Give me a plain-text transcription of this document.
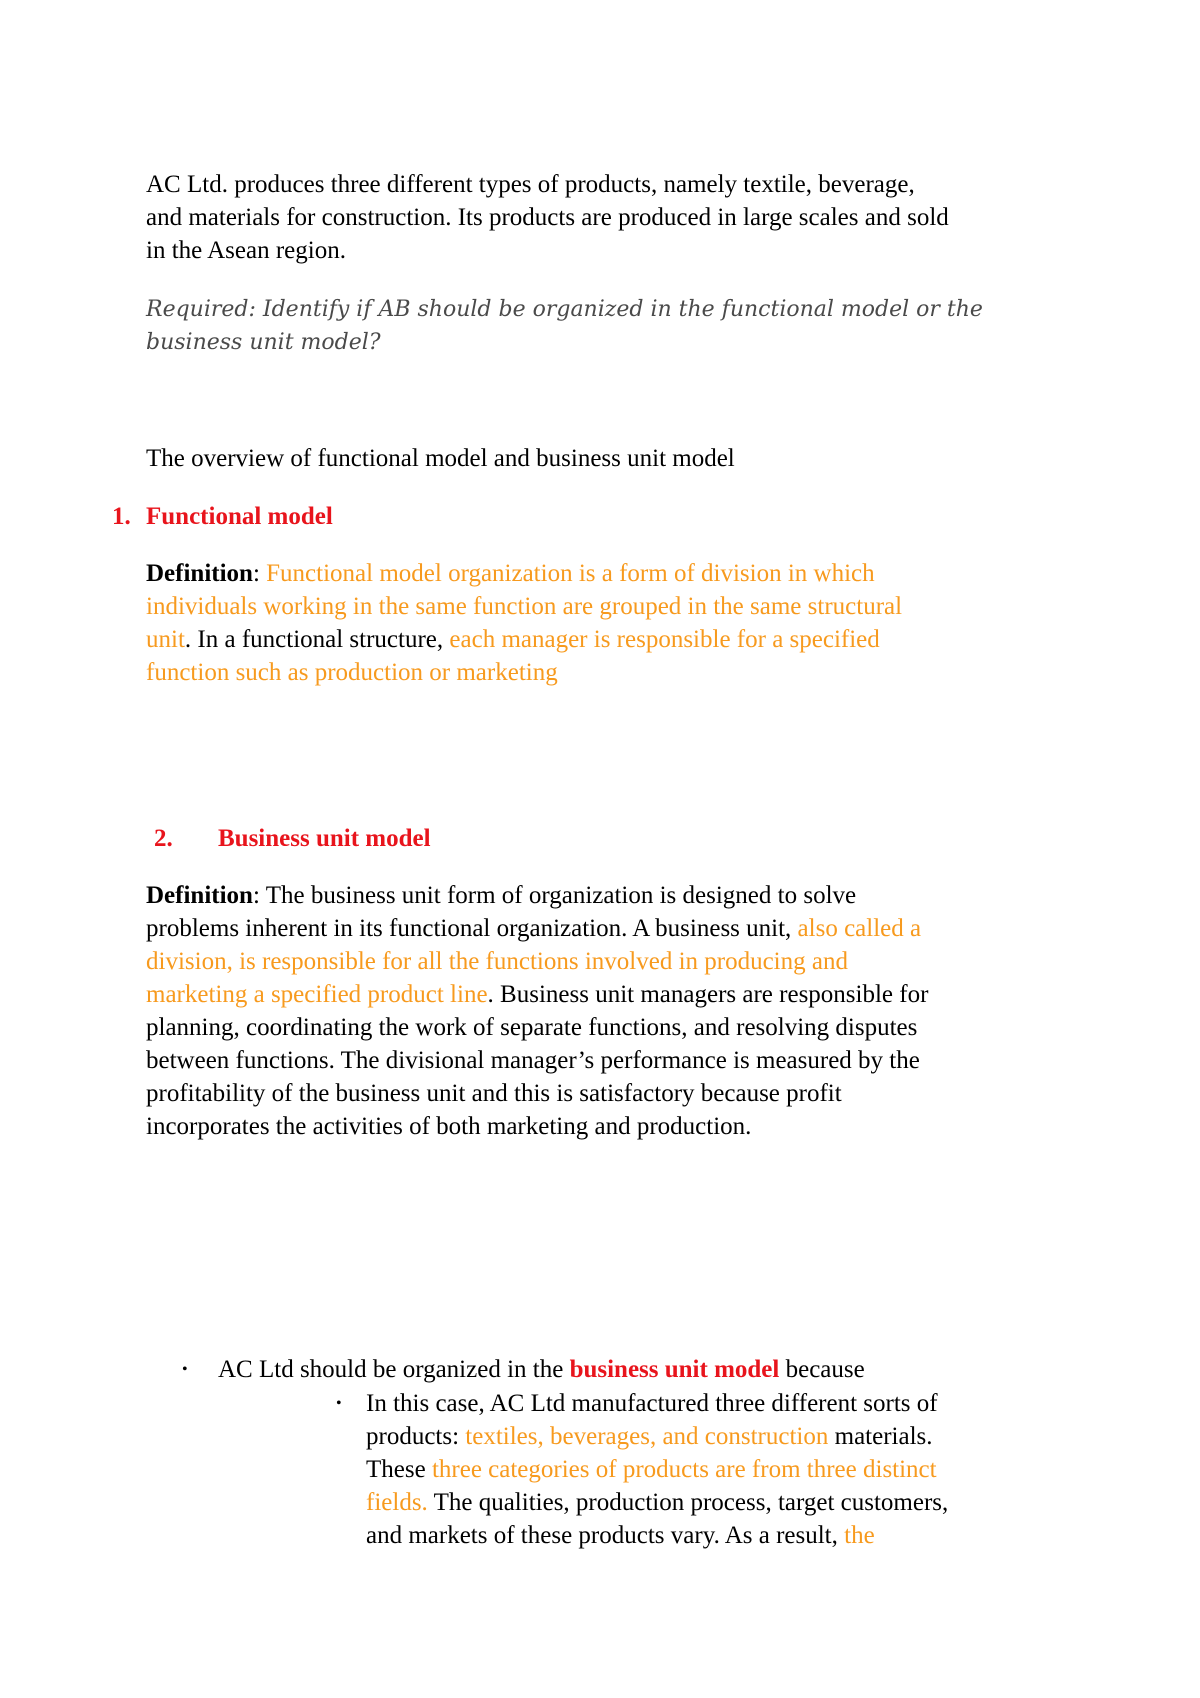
AC Ltd. produces three different types of products, namely textile, beverage,
and materials for construction. Its products are produced in large scales and sold
in the Asean region.

Required: Identify if AB should be organized in the functional model or the
business unit model?

The overview of functional model and business unit model

1. Functional model

Definition: Functional model organization is a form of division in which
individuals working in the same function are grouped in the same structural
unit. In a functional structure, each manager is responsible for a specified
function such as production or marketing

2. Business unit model

Definition: The business unit form of organization is designed to solve
problems inherent in its functional organization. A business unit, also called a
division, is responsible for all the functions involved in producing and
marketing a specified product line. Business unit managers are responsible for
planning, coordinating the work of separate functions, and resolving disputes
between functions. The divisional manager’s performance is measured by the
profitability of the business unit and this is satisfactory because profit
incorporates the activities of both marketing and production.

• AC Ltd should be organized in the business unit model because

• In this case, AC Ltd manufactured three different sorts of
products: textiles, beverages, and construction materials.
These three categories of products are from three distinct
fields. The qualities, production process, target customers,
and markets of these products vary. As a result, the
